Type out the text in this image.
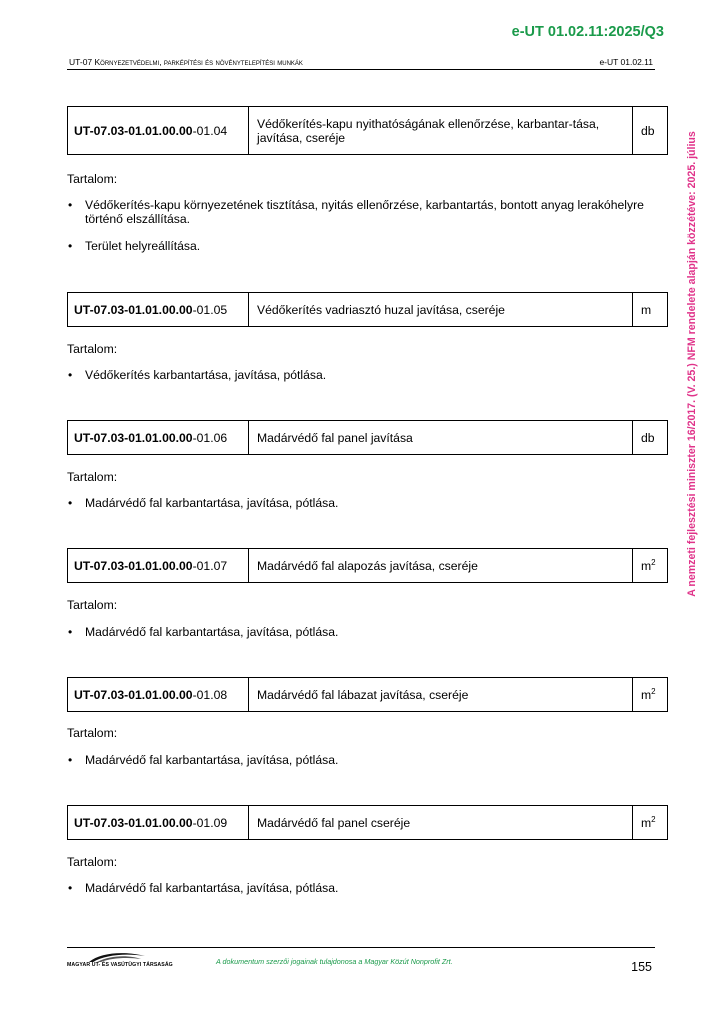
e-UT 01.02.11:2025/Q3
UT-07 Környezetvédelmi, parképítési és növénytelepítési munkák	e-UT 01.02.11
A nemzeti fejlesztési miniszter 16/2017. (V. 25.) NFM rendelete alapján közzétéve: 2025. július
UT-07.03-01.01.00.00-01.04	Védőkerítés-kapu nyithatóságának ellenőrzése, karbantar-tása, javítása, cseréje	db
Tartalom:
• Védőkerítés-kapu környezetének tisztítása, nyitás ellenőrzése, karbantartás, bontott anyag lerakóhelyre történő elszállítása.
• Terület helyreállítása.
UT-07.03-01.01.00.00-01.05	Védőkerítés vadriasztó huzal javítása, cseréje	m
Tartalom:
• Védőkerítés karbantartása, javítása, pótlása.
UT-07.03-01.01.00.00-01.06	Madárvédő fal panel javítása	db
Tartalom:
• Madárvédő fal karbantartása, javítása, pótlása.
UT-07.03-01.01.00.00-01.07	Madárvédő fal alapozás javítása, cseréje	$m^2$
Tartalom:
• Madárvédő fal karbantartása, javítása, pótlása.
UT-07.03-01.01.00.00-01.08	Madárvédő fal lábazat javítása, cseréje	$m^2$
Tartalom:
• Madárvédő fal karbantartása, javítása, pótlása.
UT-07.03-01.01.00.00-01.09	Madárvédő fal panel cseréje	$m^2$
Tartalom:
• Madárvédő fal karbantartása, javítása, pótlása.
MAGYAR ÚT- ÉS VASÚTÜGYI TÁRSASÁG	A dokumentum szerzői jogainak tulajdonosa a Magyar Közút Nonprofit Zrt.	155
